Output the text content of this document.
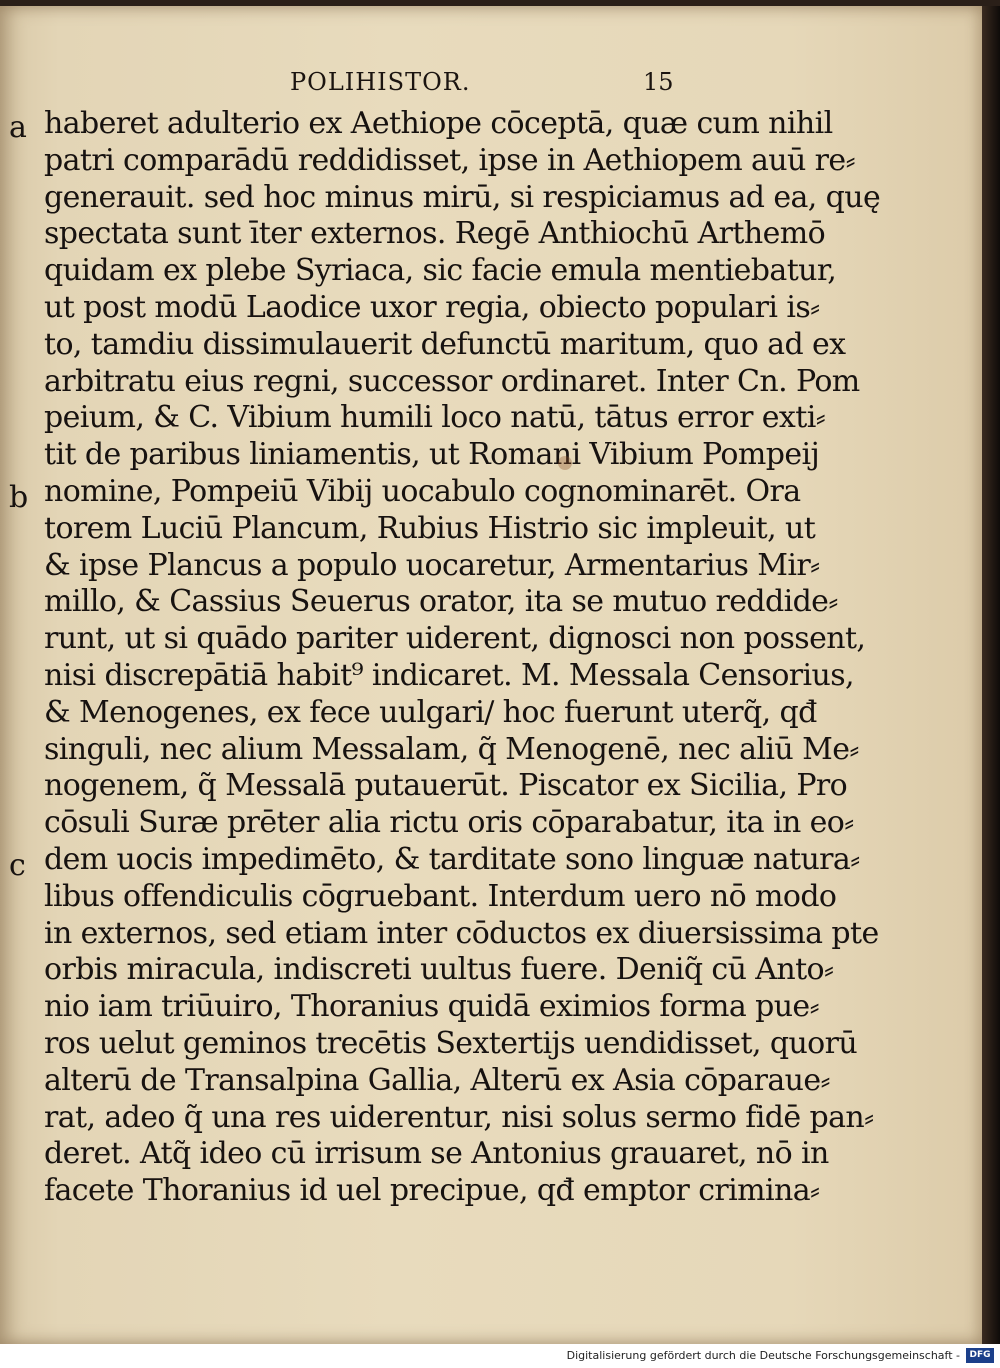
POLIHISTOR.	15
a
b
c
haberet adulterio ex Aethiope cōceptā, quæ cum nihil
patri comparādū reddidisset, ipse in Aethiopem auū re⸗
generauit. sed hoc minus mirū, si respiciamus ad ea, quę
spectata sunt īter externos. Regē Anthiochū Arthemō
quidam ex plebe Syriaca, sic facie emula mentiebatur,
ut post modū Laodice uxor regia, obiecto populari is⸗
to, tamdiu dissimulauerit defunctū maritum, quo ad ex
arbitratu eius regni, successor ordinaret. Inter Cn. Pom
peium, & C. Vibium humili loco natū, tātus error exti⸗
tit de paribus liniamentis, ut Romani Vibium Pompeij
nomine, Pompeiū Vibij uocabulo cognominarēt. Ora
torem Luciū Plancum, Rubius Histrio sic impleuit, ut
& ipse Plancus a populo uocaretur, Armentarius Mir⸗
millo, & Cassius Seuerus orator, ita se mutuo reddide⸗
runt, ut si quādo pariter uiderent, dignosci non possent,
nisi discrepātiā habit⁹ indicaret. M. Messala Censorius,
& Menogenes, ex fece uulgari/ hoc fuerunt uterq̃, qđ
singuli, nec alium Messalam, q̃ Menogenē, nec aliū Me⸗
nogenem, q̃ Messalā putauerūt. Piscator ex Sicilia, Pro
cōsuli Suræ prēter alia rictu oris cōparabatur, ita in eo⸗
dem uocis impedimēto, & tarditate sono linguæ natura⸗
libus offendiculis cōgruebant. Interdum uero nō modo
in externos, sed etiam inter cōductos ex diuersissima pte
orbis miracula, indiscreti uultus fuere. Deniq̃ cū Anto⸗
nio iam triūuiro, Thoranius quidā eximios forma pue⸗
ros uelut geminos trecētis Sextertijs uendidisset, quorū
alterū de Transalpina Gallia, Alterū ex Asia cōparaue⸗
rat, adeo q̃ una res uiderentur, nisi solus sermo fidē pan⸗
deret. Atq̃ ideo cū irrisum se Antonius grauaret, nō in
facete Thoranius id uel precipue, qđ emptor crimina⸗
Digitalisierung gefördert durch die Deutsche Forschungsgemeinschaft -	DFG
